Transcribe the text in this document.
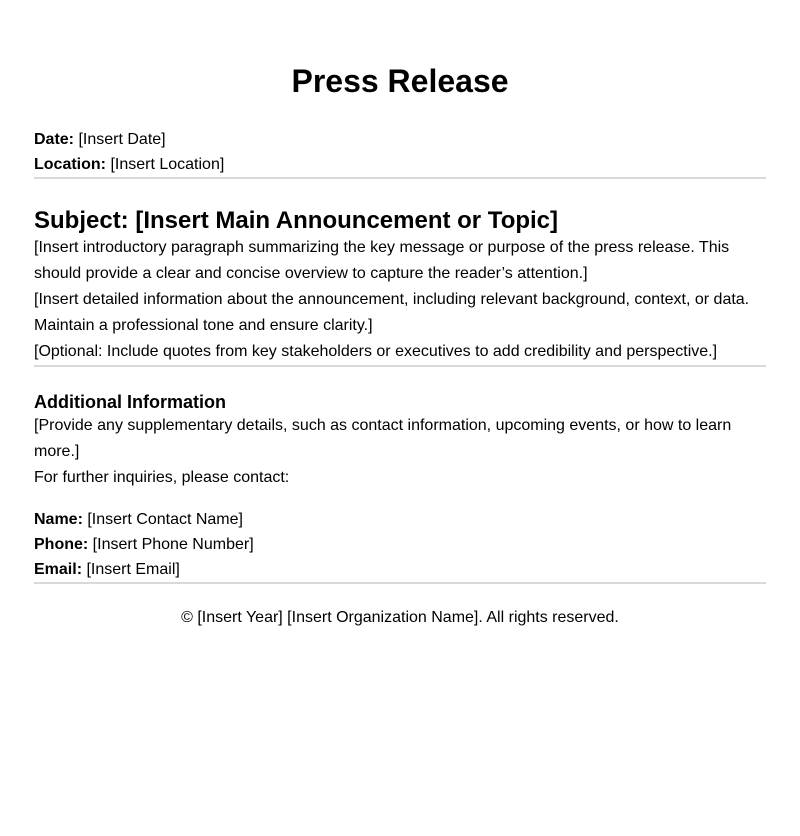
Press Release
Date: [Insert Date]
Location: [Insert Location]
Subject: [Insert Main Announcement or Topic]

[Insert introductory paragraph summarizing the key message or purpose of the press release. This should provide a clear and concise overview to capture the reader’s attention.]

[Insert detailed information about the announcement, including relevant background, context, or data. Maintain a professional tone and ensure clarity.]

[Optional: Include quotes from key stakeholders or executives to add credibility and perspective.]

Additional Information

[Provide any supplementary details, such as contact information, upcoming events, or how to learn more.]

For further inquiries, please contact:

Name: [Insert Contact Name]
Phone: [Insert Phone Number]
Email: [Insert Email]
© [Insert Year] [Insert Organization Name]. All rights reserved.
